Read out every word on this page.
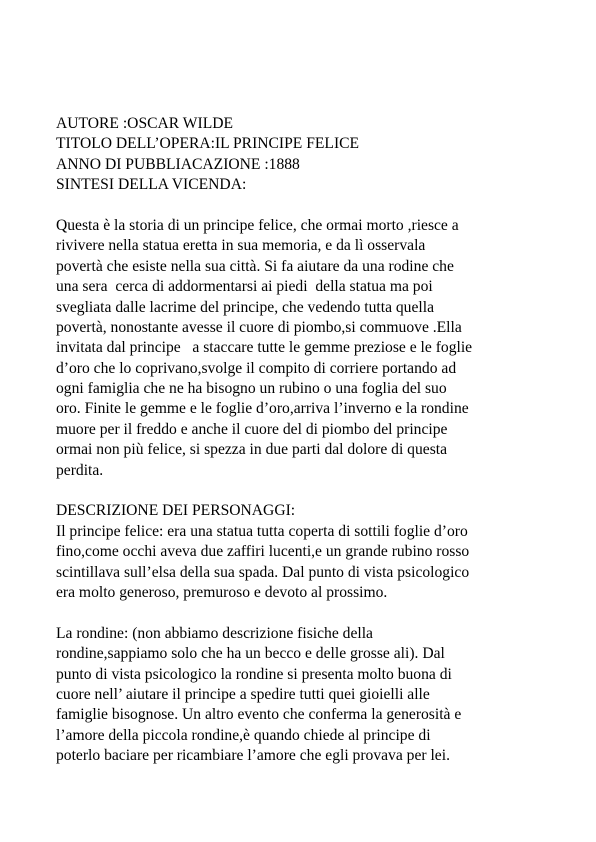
AUTORE :OSCAR WILDE
TITOLO DELL’OPERA:IL PRINCIPE FELICE
ANNO DI PUBBLIACAZIONE :1888
SINTESI DELLA VICENDA:
Questa è la storia di un principe felice, che ormai morto ,riesce a
rivivere nella statua eretta in sua memoria, e da lì osservala
povertà che esiste nella sua città. Si fa aiutare da una rodine che
una sera  cerca di addormentarsi ai piedi  della statua ma poi
svegliata dalle lacrime del principe, che vedendo tutta quella
povertà, nonostante avesse il cuore di piombo,si commuove .Ella
invitata dal principe   a staccare tutte le gemme preziose e le foglie
d’oro che lo coprivano,svolge il compito di corriere portando ad
ogni famiglia che ne ha bisogno un rubino o una foglia del suo
oro. Finite le gemme e le foglie d’oro,arriva l’inverno e la rondine
muore per il freddo e anche il cuore del di piombo del principe
ormai non più felice, si spezza in due parti dal dolore di questa
perdita.
DESCRIZIONE DEI PERSONAGGI:
Il principe felice: era una statua tutta coperta di sottili foglie d’oro
fino,come occhi aveva due zaffiri lucenti,e un grande rubino rosso
scintillava sull’elsa della sua spada. Dal punto di vista psicologico
era molto generoso, premuroso e devoto al prossimo.
La rondine: (non abbiamo descrizione fisiche della
rondine,sappiamo solo che ha un becco e delle grosse ali). Dal
punto di vista psicologico la rondine si presenta molto buona di
cuore nell’ aiutare il principe a spedire tutti quei gioielli alle
famiglie bisognose. Un altro evento che conferma la generosità e
l’amore della piccola rondine,è quando chiede al principe di
poterlo baciare per ricambiare l’amore che egli provava per lei.
